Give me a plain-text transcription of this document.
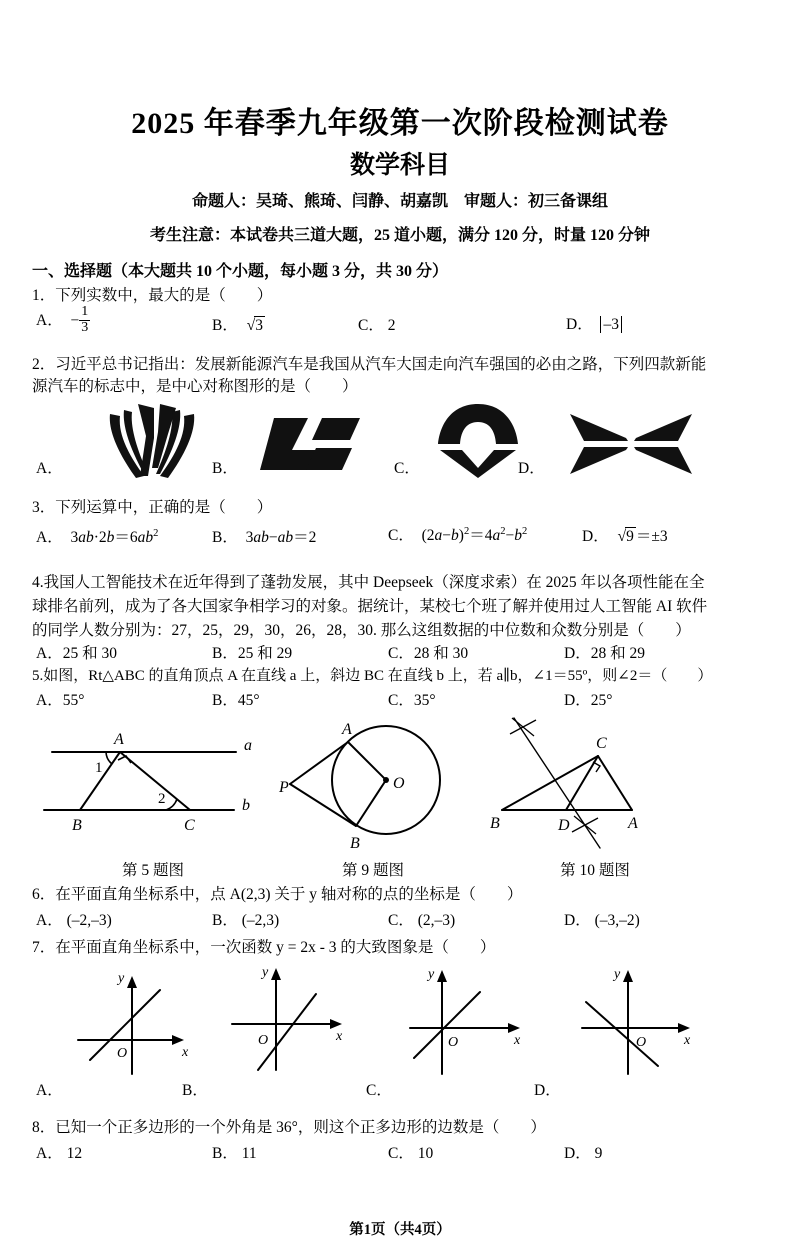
2025 年春季九年级第一次阶段检测试卷
数学科目
命题人：吴琦、熊琦、闫静、胡嘉凯　审题人：初三备课组
考生注意：本试卷共三道大题，25 道小题，满分 120 分，时量 120 分钟
一、选择题（本大题共 10 个小题，每小题 3 分，共 30 分）
1．下列实数中，最大的是（　　）
A．  − $\frac{1}{3}$	B． √3	C． 2	D． –3
2．习近平总书记指出：发展新能源汽车是我国从汽车大国走向汽车强国的必由之路，下列四款新能
源汽车的标志中，是中心对称图形的是（　　）
A．	B．	C．	D．
3．下列运算中，正确的是（　　）
A．  $3ab\cdot 2b=6ab^2$	B．  3ab−ab＝2	C．  $(2a-b)^2=4a^2-b^2$	D． √9 ＝±3
4.我国人工智能技术在近年得到了蓬勃发展，其中 Deepseek（深度求索）在 2025 年以各项性能在全
球排名前列，成为了各大国家争相学习的对象。据统计，某校七个班了解并使用过人工智能 AI 软件
的同学人数分别为：27，25，29，30，26，28，30. 那么这组数据的中位数和众数分别是（　　）
A．25 和 30	B．25 和 29	C．28 和 30	D．28 和 29
5.如图，Rt△ABC 的直角顶点 A 在直线 a 上，斜边 BC 在直线 b 上，若 a∥b，∠1＝55º，则∠2＝（　　）
A．55°	B．45°	C．35°	D．25°
A
B	C
a
b
1
2
第 5 题图
P
A
B
O
第 9 题图
B	D	A
C
第 10 题图
6．在平面直角坐标系中，点 A(2,3) 关于 y 轴对称的点的坐标是（　　）
A． (–2,–3)	B． (–2,3)	C． (2,–3)	D． (–3,–2)
7．在平面直角坐标系中，一次函数 y = 2x - 3 的大致图象是（　　）
y
x
O
A．
y
x
O
B．
y
x
O
C．
y
x
O
D．
8．已知一个正多边形的一个外角是 36°，则这个正多边形的边数是（　　）
A． 12	B． 11	C． 10	D． 9
第1页（共4页）
